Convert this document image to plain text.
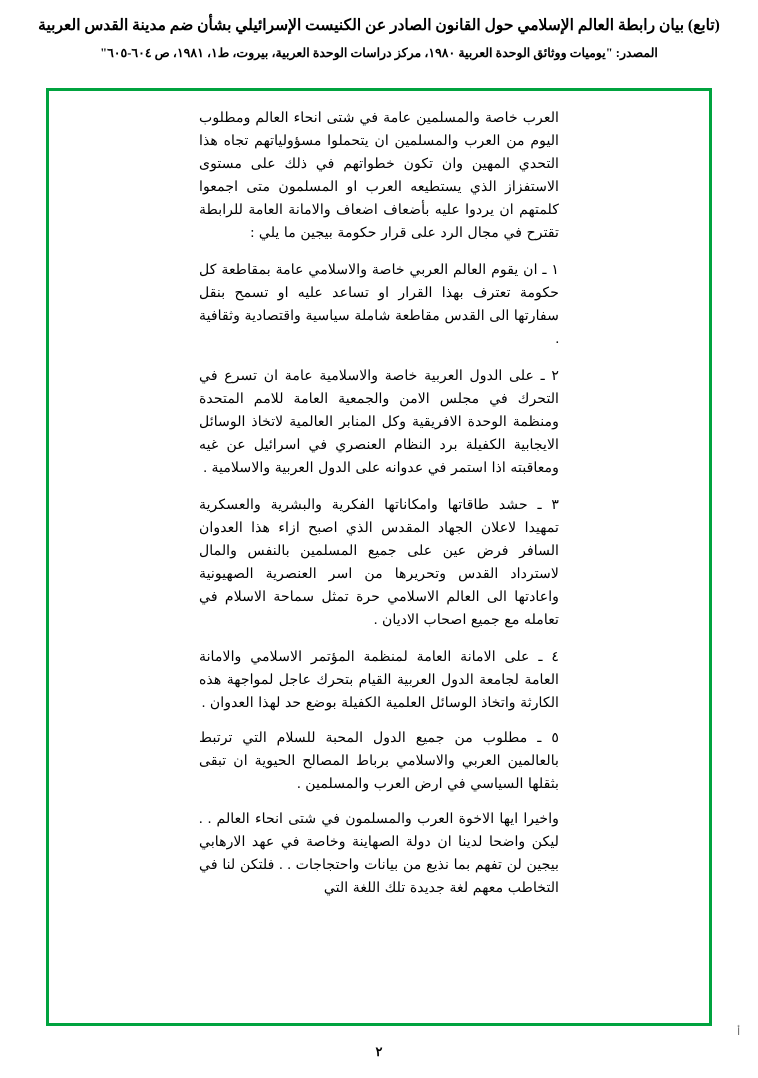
(تابع) بيان رابطة العالم الإسلامي حول القانون الصادر عن الكنيست الإسرائيلي بشأن ضم مدينة القدس العربية
المصدر: "يوميات ووثائق الوحدة العربية ١٩٨٠، مركز دراسات الوحدة العربية، بيروت، ط١، ١٩٨١، ص ٦٠٤-٦٠٥"

العرب خاصة والمسلمين عامة في شتى انحاء العالم ومطلوب اليوم من العرب والمسلمين ان يتحملوا مسؤولياتهم تجاه هذا التحدي المهين وان تكون خطواتهم في ذلك على مستوى الاستفزاز الذي يستطيعه العرب او المسلمون متى اجمعوا كلمتهم ان يردوا عليه بأضعاف اضعاف والامانة العامة للرابطة تقترح في مجال الرد على قرار حكومة بيجين ما يلي :

١ ـ ان يقوم العالم العربي خاصة والاسلامي عامة بمقاطعة كل حكومة تعترف بهذا القرار او تساعد عليه او تسمح بنقل سفارتها الى القدس مقاطعة شاملة سياسية واقتصادية وثقافية .

٢ ـ على الدول العربية خاصة والاسلامية عامة ان تسرع في التحرك في مجلس الامن والجمعية العامة للامم المتحدة ومنظمة الوحدة الافريقية وكل المنابر العالمية لاتخاذ الوسائل الايجابية الكفيلة برد النظام العنصري في اسرائيل عن غيه ومعاقبته اذا استمر في عدوانه على الدول العربية والاسلامية .

٣ ـ حشد طاقاتها وامكاناتها الفكرية والبشرية والعسكرية تمهيدا لاعلان الجهاد المقدس الذي اصبح ازاء هذا العدوان السافر فرض عين على جميع المسلمين بالنفس والمال لاسترداد القدس وتحريرها من اسر العنصرية الصهيونية واعادتها الى العالم الاسلامي حرة تمثل سماحة الاسلام في تعامله مع جميع اصحاب الاديان .

٤ ـ على الامانة العامة لمنظمة المؤتمر الاسلامي والامانة العامة لجامعة الدول العربية القيام بتحرك عاجل لمواجهة هذه الكارثة واتخاذ الوسائل العلمية الكفيلة بوضع حد لهذا العدوان .

٥ ـ مطلوب من جميع الدول المحبة للسلام التي ترتبط بالعالمين العربي والاسلامي برباط المصالح الحيوية ان تبقى بثقلها السياسي في ارض العرب والمسلمين .

واخيرا ايها الاخوة العرب والمسلمون في شتى انحاء العالم . . ليكن واضحا لدينا ان دولة الصهاينة وخاصة في عهد الارهابي بيجين لن تفهم بما نذيع من بيانات واحتجاجات . . فلتكن لنا في التخاطب معهم لغة جديدة تلك اللغة التي

أ
٢
